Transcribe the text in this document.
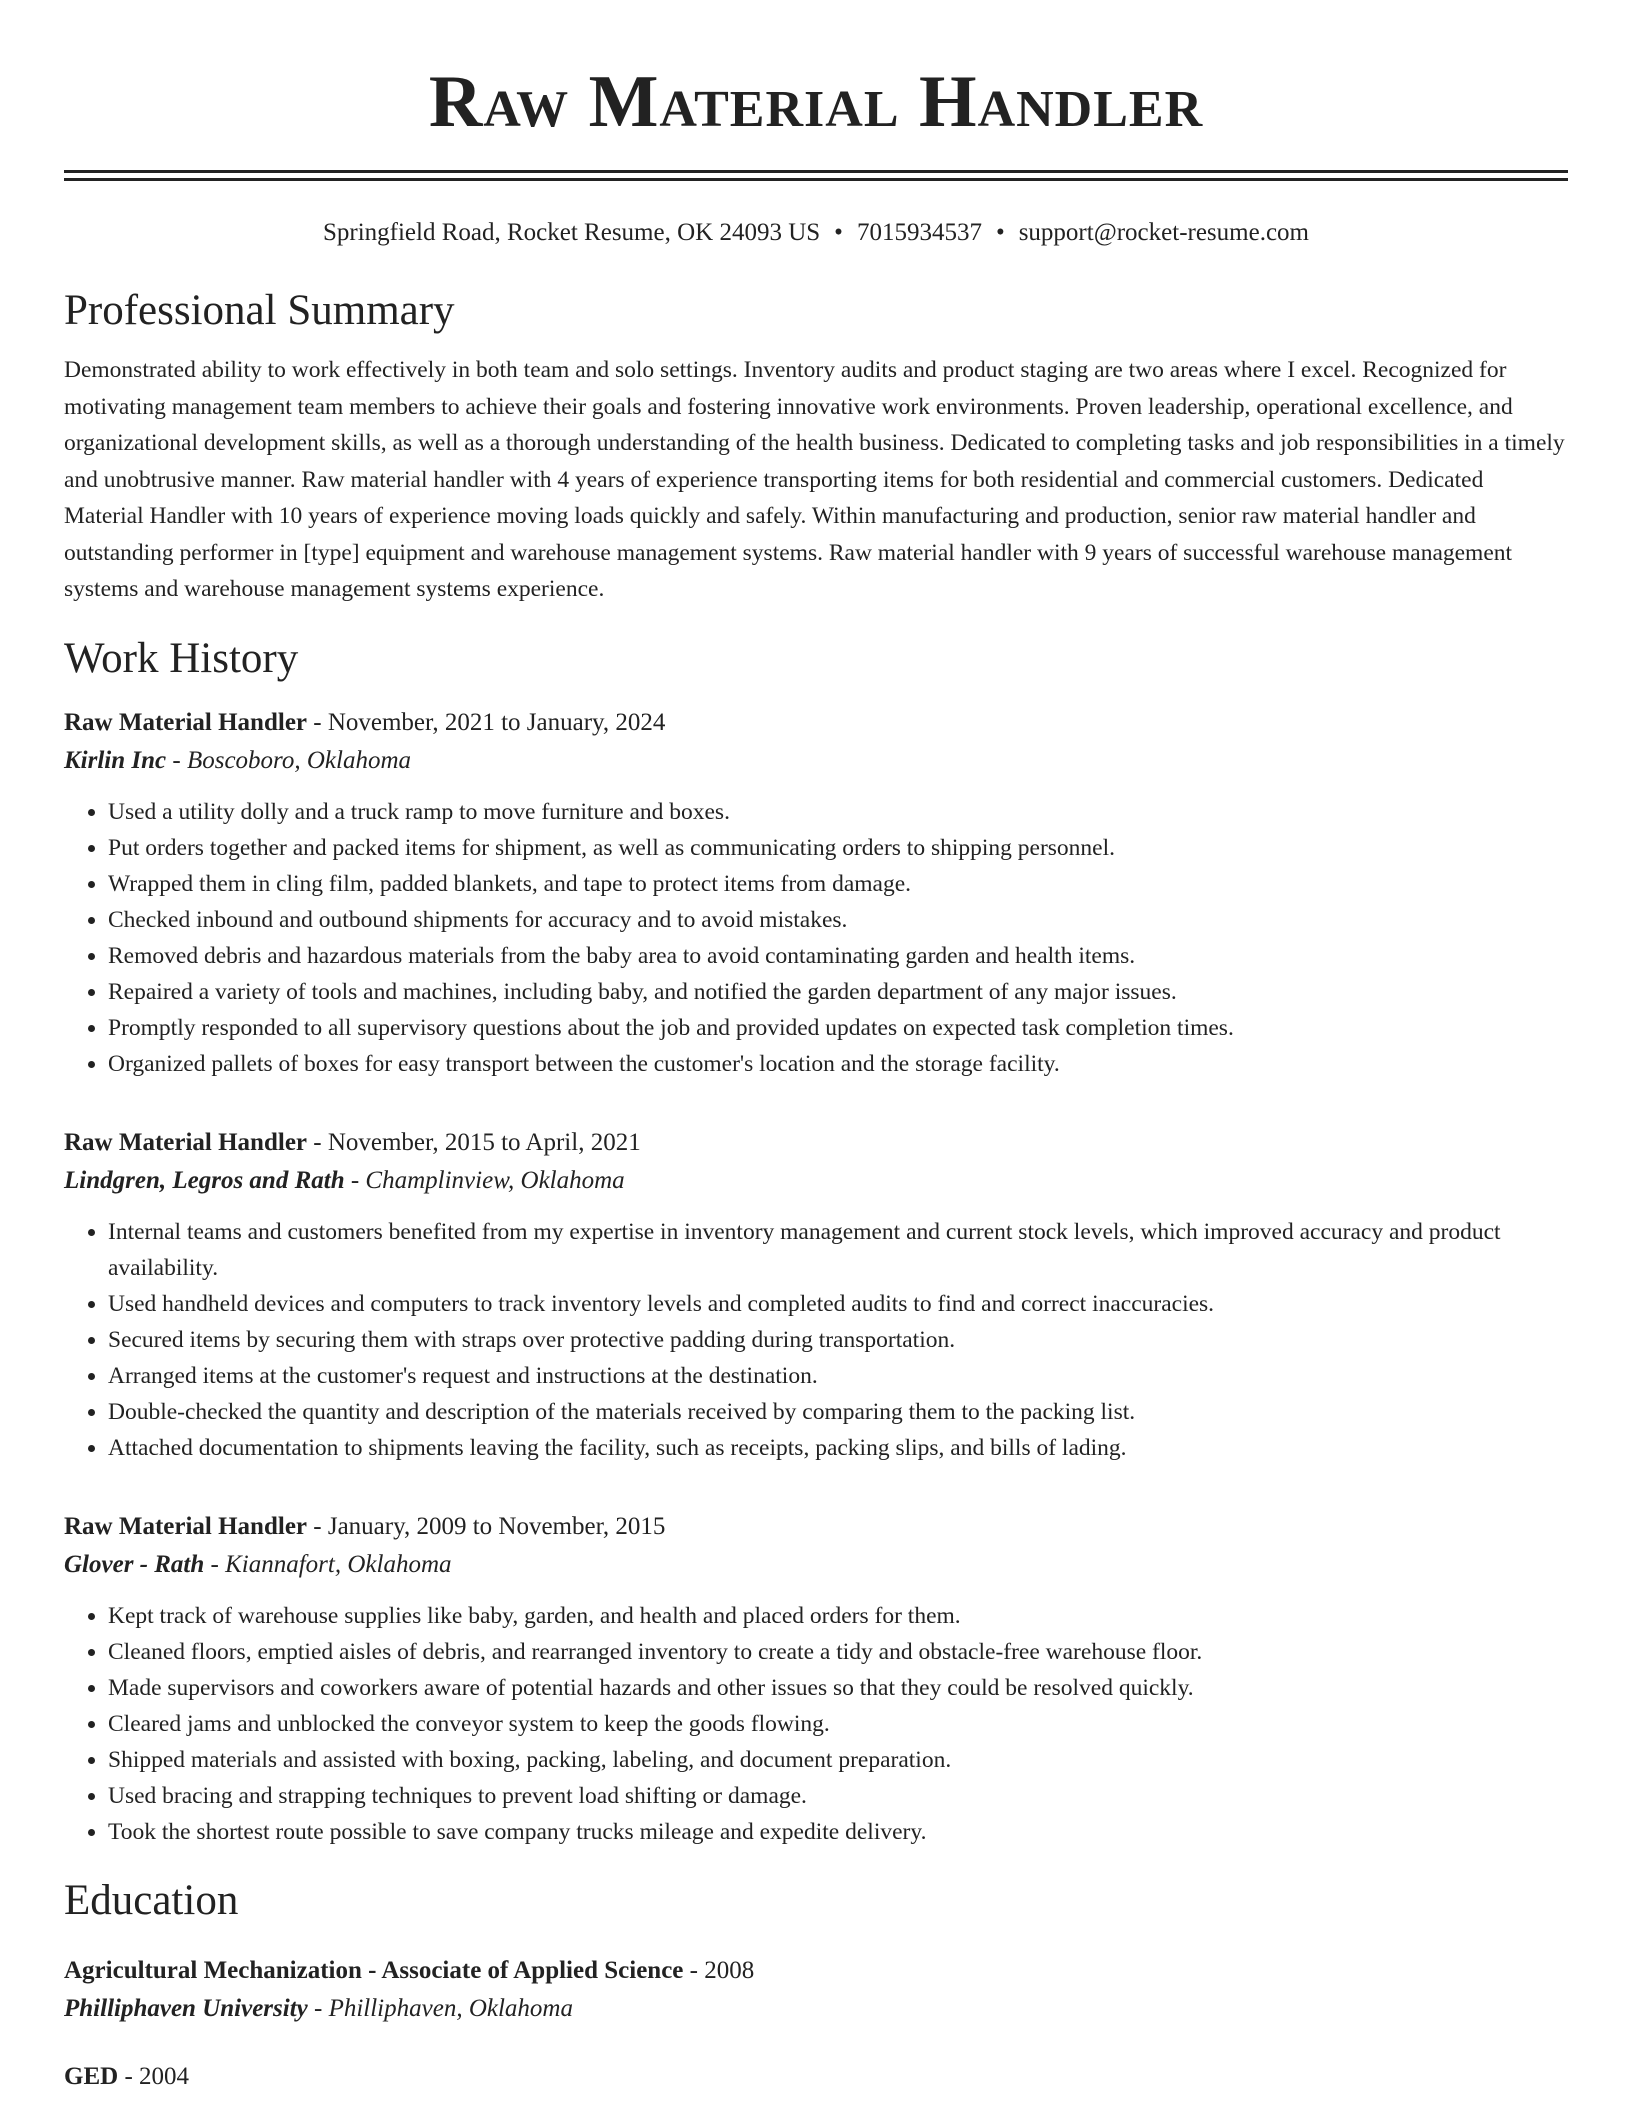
Raw Material Handler
Springfield Road, Rocket Resume, OK 24093 US • 7015934537 • support@rocket-resume.com
Professional Summary
Demonstrated ability to work effectively in both team and solo settings. Inventory audits and product staging are two areas where I excel. Recognized for motivating management team members to achieve their goals and fostering innovative work environments. Proven leadership, operational excellence, and organizational development skills, as well as a thorough understanding of the health business. Dedicated to completing tasks and job responsibilities in a timely and unobtrusive manner. Raw material handler with 4 years of experience transporting items for both residential and commercial customers. Dedicated Material Handler with 10 years of experience moving loads quickly and safely. Within manufacturing and production, senior raw material handler and outstanding performer in [type] equipment and warehouse management systems. Raw material handler with 9 years of successful warehouse management systems and warehouse management systems experience.
Work History
Raw Material Handler - November, 2021 to January, 2024
Kirlin Inc - Boscoboro, Oklahoma
• Used a utility dolly and a truck ramp to move furniture and boxes.
• Put orders together and packed items for shipment, as well as communicating orders to shipping personnel.
• Wrapped them in cling film, padded blankets, and tape to protect items from damage.
• Checked inbound and outbound shipments for accuracy and to avoid mistakes.
• Removed debris and hazardous materials from the baby area to avoid contaminating garden and health items.
• Repaired a variety of tools and machines, including baby, and notified the garden department of any major issues.
• Promptly responded to all supervisory questions about the job and provided updates on expected task completion times.
• Organized pallets of boxes for easy transport between the customer's location and the storage facility.
Raw Material Handler - November, 2015 to April, 2021
Lindgren, Legros and Rath - Champlinview, Oklahoma
• Internal teams and customers benefited from my expertise in inventory management and current stock levels, which improved accuracy and product availability.
• Used handheld devices and computers to track inventory levels and completed audits to find and correct inaccuracies.
• Secured items by securing them with straps over protective padding during transportation.
• Arranged items at the customer's request and instructions at the destination.
• Double-checked the quantity and description of the materials received by comparing them to the packing list.
• Attached documentation to shipments leaving the facility, such as receipts, packing slips, and bills of lading.
Raw Material Handler - January, 2009 to November, 2015
Glover - Rath - Kiannafort, Oklahoma
• Kept track of warehouse supplies like baby, garden, and health and placed orders for them.
• Cleaned floors, emptied aisles of debris, and rearranged inventory to create a tidy and obstacle-free warehouse floor.
• Made supervisors and coworkers aware of potential hazards and other issues so that they could be resolved quickly.
• Cleared jams and unblocked the conveyor system to keep the goods flowing.
• Shipped materials and assisted with boxing, packing, labeling, and document preparation.
• Used bracing and strapping techniques to prevent load shifting or damage.
• Took the shortest route possible to save company trucks mileage and expedite delivery.
Education
Agricultural Mechanization - Associate of Applied Science - 2008
Philliphaven University - Philliphaven, Oklahoma
GED - 2004
